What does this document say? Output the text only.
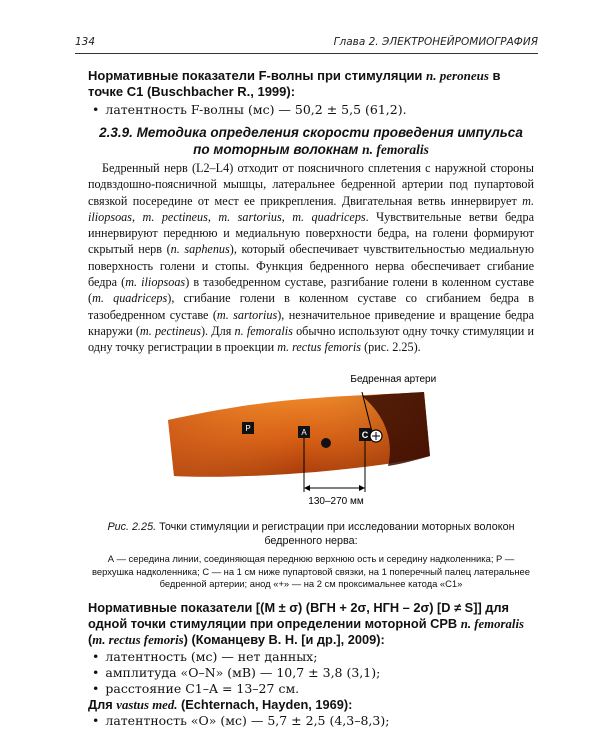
134	Глава 2. ЭЛЕКТРОНЕЙРОМИОГРАФИЯ
Нормативные показатели F-волны при стимуляции n. peroneus в точке C1 (Buschbacher R., 1999):
• латентность F-волны (мс) — 50,2 ± 5,5 (61,2).
2.3.9. Методика определения скорости проведения импульса
по моторным волокнам n. femoralis
Бедренный нерв (L2–L4) отходит от поясничного сплетения с наружной стороны подвздошно-поясничной мышцы, латеральнее бедренной артерии под пупартовой связкой посередине от мест ее прикрепления. Двигательная ветвь иннервирует m. iliopsoas, m. pectineus, m. sartorius, m. quadriceps. Чувствительные ветви бедра иннервируют переднюю и медиальную поверхности бедра, на голени формируют скрытый нерв (n. saphenus), который обеспечивает чувствительностью медиальную поверхность голени и стопы. Функция бедренного нерва обеспечивает сгибание бедра (m. iliopsoas) в тазобедренном суставе, разгибание голени в коленном суставе (m. quadriceps), сгибание голени в коленном суставе со сгибанием бедра в тазобедренном суставе (m. sartorius), незначительное приведение и вращение бедра кнаружи (m. pectineus). Для n. femoralis обычно используют одну точку стимуляции и одну точку регистрации в проекции m. rectus femoris (рис. 2.25).
P	A	C
130–270 мм
Бедренная артерия
Рис. 2.25. Точки стимуляции и регистрации при исследовании моторных волокон бедренного нерва:
А — середина линии, соединяющая переднюю верхнюю ость и середину надколенника; Р — верхушка надколенника; С — на 1 см ниже пупартовой связки, на 1 поперечный палец латеральнее бедренной артерии; анод «+» — на 2 см проксимальнее катода «С1»
Нормативные показатели [(M ± σ) (ВГН + 2σ, НГН – 2σ) [D ≠ S]] для одной точки стимуляции при определении моторной СРВ n. femoralis (m. rectus femoris) (Команцеву В. Н. [и др.], 2009):
• латентность (мс) — нет данных;
• амплитуда «O–N» (мВ) — 10,7 ± 3,8 (3,1);
• расстояние C1–A = 13–27 см.
Для vastus med. (Echternach, Hayden, 1969):
• латентность «O» (мс) — 5,7 ± 2,5 (4,3–8,3);
